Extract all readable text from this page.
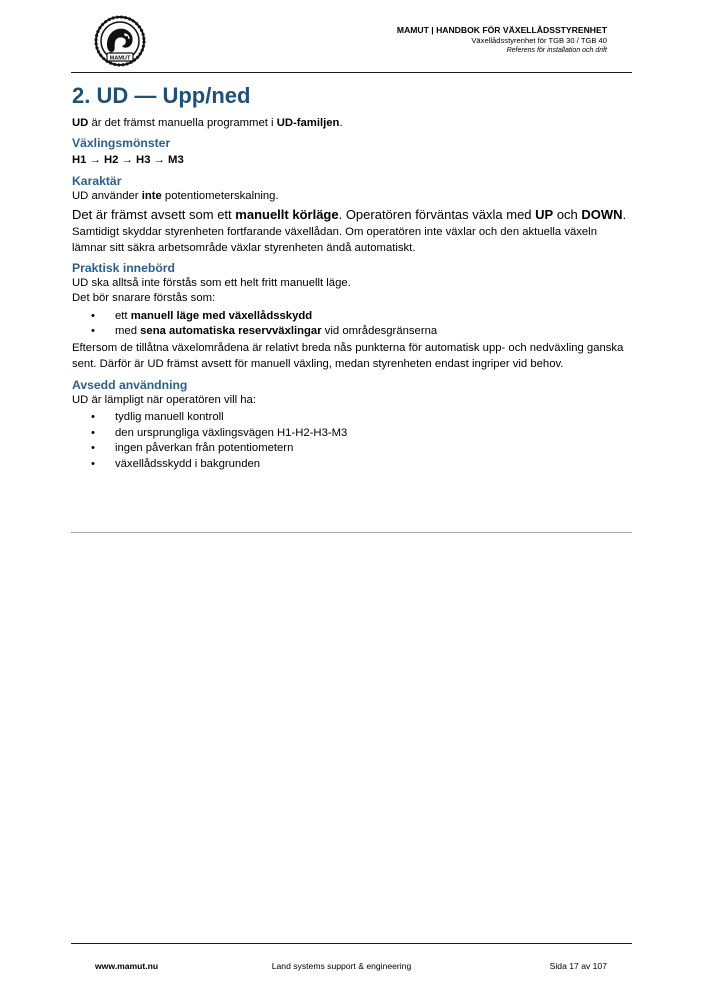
MAMUT
MAMUT | HANDBOK FÖR VÄXELLÅDSSTYRENHET
Växellådsstyrenhet för TGB 30 / TGB 40
Referens för installation och drift
2. UD — Upp/ned

UD är det främst manuella programmet i UD-familjen.

Växlingsmönster

H1 → H2 → H3 → M3

Karaktär

UD använder inte potentiometerskalning.

Det är främst avsett som ett manuellt körläge. Operatören förväntas växla med UP och DOWN.

Samtidigt skyddar styrenheten fortfarande växellådan. Om operatören inte växlar och den aktuella växeln lämnar sitt säkra arbetsområde växlar styrenheten ändå automatiskt.

Praktisk innebörd

UD ska alltså inte förstås som ett helt fritt manuellt läge.

Det bör snarare förstås som:

• ett manuell läge med växellådsskydd
• med sena automatiska reservväxlingar vid områdesgränserna

Eftersom de tillåtna växelområdena är relativt breda nås punkterna för automatisk upp- och nedväxling ganska sent. Därför är UD främst avsett för manuell växling, medan styrenheten endast ingriper vid behov.

Avsedd användning

UD är lämpligt när operatören vill ha:

• tydlig manuell kontroll
• den ursprungliga växlingsvägen H1-H2-H3-M3
• ingen påverkan från potentiometern
• växellådsskydd i bakgrunden
www.mamut.nu	Land systems support & engineering	Sida 17 av 107
